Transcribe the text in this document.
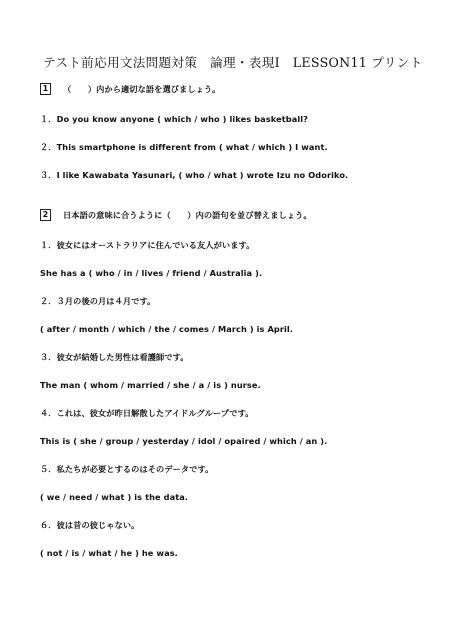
テスト前応用文法問題対策　論理・表現Ⅰ　LESSON11 プリント
1	（　　）内から適切な語を選びましょう。
１．Do you know anyone ( which / who ) likes basketball?
２．This smartphone is different from ( what / which ) I want.
３．I like Kawabata Yasunari, ( who / what ) wrote Izu no Odoriko.
2	日本語の意味に合うように（　　）内の語句を並び替えましょう。
１．彼女にはオーストラリアに住んでいる友人がいます。
She has a ( who / in / lives / friend / Australia ).
２．３月の後の月は４月です。
( after / month / which / the / comes / March ) is April.
３．彼女が結婚した男性は看護師です。
The man ( whom / married / she / a / is ) nurse.
４．これは、彼女が昨日解散したアイドルグループです。
This is ( she / group / yesterday / idol / opaired / which / an ).
５．私たちが必要とするのはそのデータです。
( we / need / what ) is the data.
６．彼は昔の彼じゃない。
( not / is / what / he ) he was.
